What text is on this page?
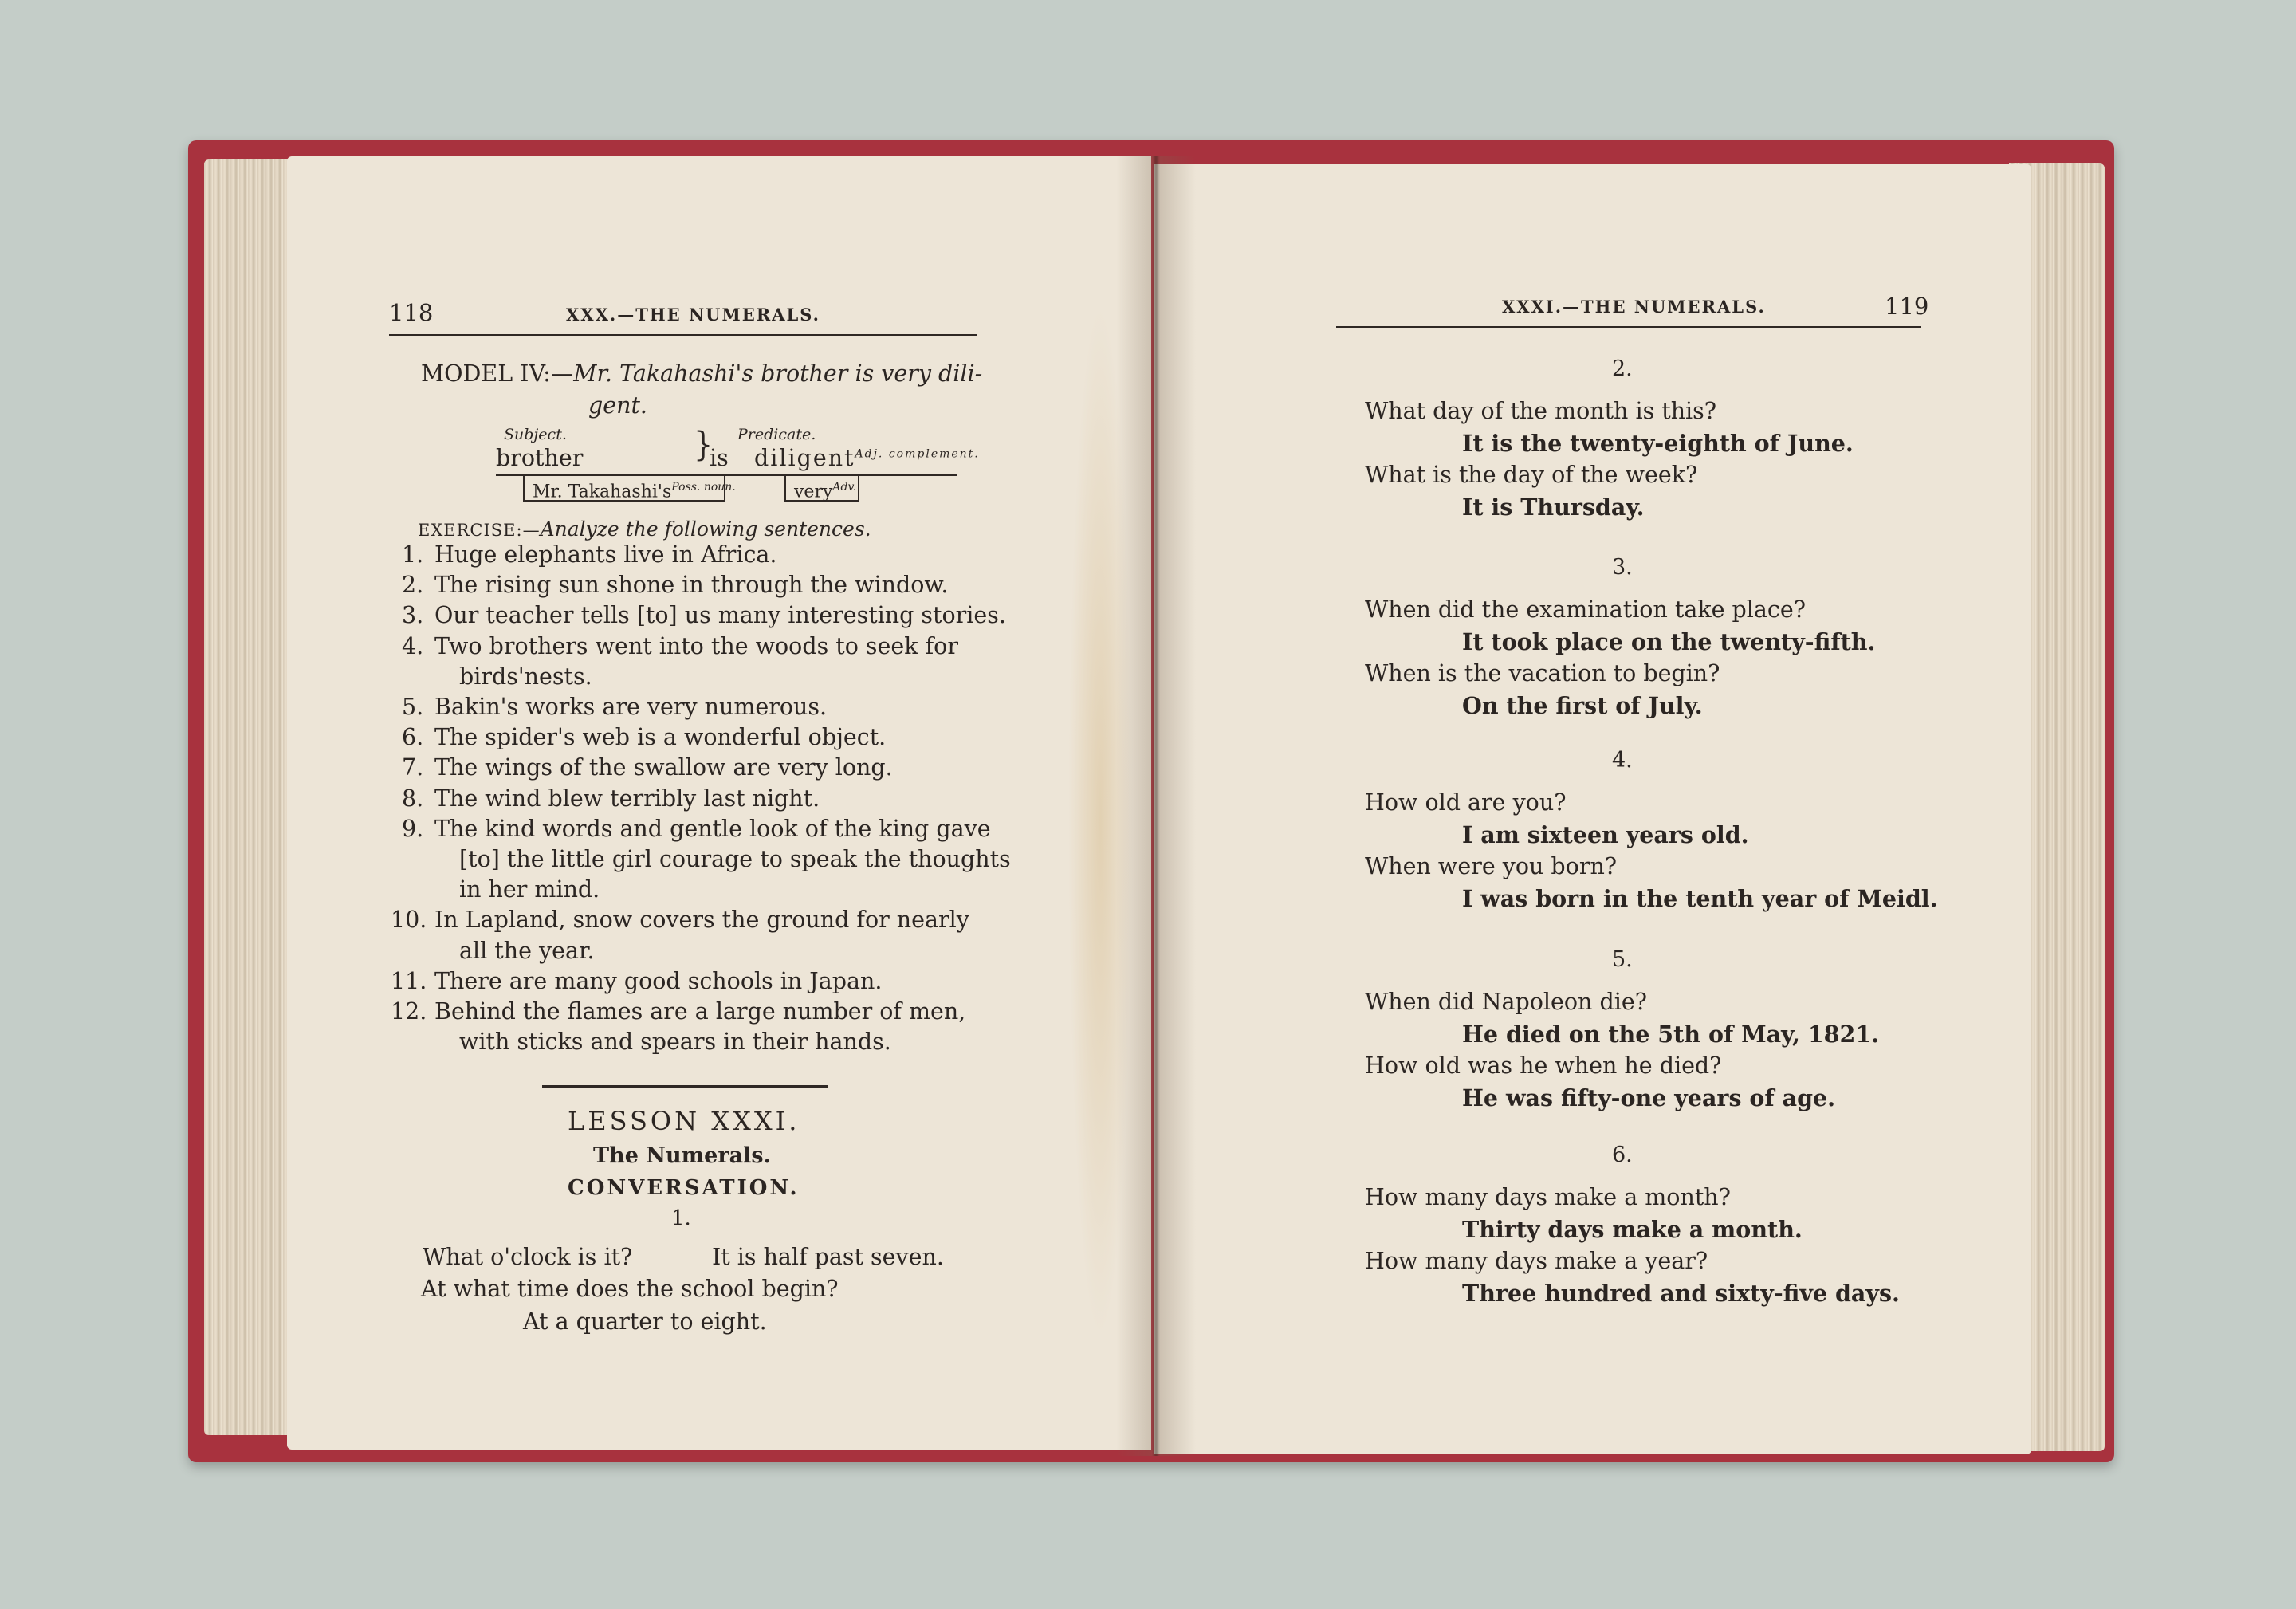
118	XXX.—THE NUMERALS.
MODEL IV:—Mr. Takahashi's brother is very dili-
gent.
Subject.	Predicate.
}
brother	is diligent$^{Adj. complement.}$
Mr. $Takahashi's^{Poss. noun.}$	very$^{Adv.}$
EXERCISE:—Analyze the following sentences.
1. Huge elephants live in Africa.
2. The rising sun shone in through the window.
3. Our teacher tells [to] us many interesting stories.
4. Two brothers went into the woods to seek for
birds'nests.
5. Bakin's works are very numerous.
6. The spider's web is a wonderful object.
7. The wings of the swallow are very long.
8. The wind blew terribly last night.
9. The kind words and gentle look of the king gave
[to] the little girl courage to speak the thoughts
in her mind.
10. In Lapland, snow covers the ground for nearly
all the year.
11. There are many good schools in Japan.
12. Behind the flames are a large number of men,
with sticks and spears in their hands.
LESSON XXXI.
The Numerals.
CONVERSATION.
1.
What o'clock is it?	It is half past seven.
At what time does the school begin?
At a quarter to eight.
XXXI.—THE NUMERALS.	119
2.
What day of the month is this?
It is the twenty-eighth of June.
What is the day of the week?
It is Thursday.
3.
When did the examination take place?
It took place on the twenty-fifth.
When is the vacation to begin?
On the first of July.
4.
How old are you?
I am sixteen years old.
When were you born?
I was born in the tenth year of Meidl.
5.
When did Napoleon die?
He died on the 5th of May, 1821.
How old was he when he died?
He was fifty-one years of age.
6.
How many days make a month?
Thirty days make a month.
How many days make a year?
Three hundred and sixty-five days.
